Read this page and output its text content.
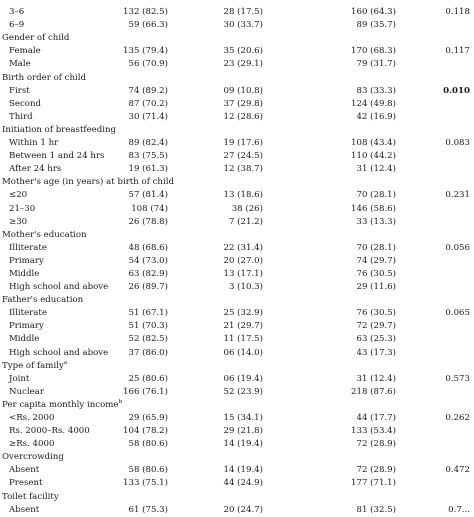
3–6	132 (82.5)	28 (17.5)	160 (64.3)	0.118
6–9	59 (66.3)	30 (33.7)	89 (35.7)
Gender of child
Female	135 (79.4)	35 (20.6)	170 (68.3)	0.117
Male	56 (70.9)	23 (29.1)	79 (31.7)
Birth order of child
First	74 (89.2)	09 (10.8)	83 (33.3)	0.010
Second	87 (70.2)	37 (29.8)	124 (49.8)
Third	30 (71.4)	12 (28.6)	42 (16.9)
Initiation of breastfeeding
Within 1 hr	89 (82.4)	19 (17.6)	108 (43.4)	0.083
Between 1 and 24 hrs	83 (75.5)	27 (24.5)	110 (44.2)
After 24 hrs	19 (61.3)	12 (38.7)	31 (12.4)
Mother's age (in years) at birth of child
≤20	57 (81.4)	13 (18.6)	70 (28.1)	0.231
21–30	108 (74)	38 (26)	146 (58.6)
≥30	26 (78.8)	7 (21.2)	33 (13.3)
Mother's education
Illiterate	48 (68.6)	22 (31.4)	70 (28.1)	0.056
Primary	54 (73.0)	20 (27.0)	74 (29.7)
Middle	63 (82.9)	13 (17.1)	76 (30.5)
High school and above 26 (89.7)	3 (10.3)	29 (11.6)
Father's education
Illiterate	51 (67.1)	25 (32.9)	76 (30.5)	0.065
Primary	51 (70.3)	21 (29.7)	72 (29.7)
Middle	52 (82.5)	11 (17.5)	63 (25.3)
High school and above 37 (86.0)	06 (14.0)	43 (17.3)
Type of family$^a$
Joint	25 (80.6)	06 (19.4)	31 (12.4)	0.573
Nuclear	166 (76.1)	52 (23.9)	218 (87.6)
Per capita monthly income$^b$
<Rs. 2000	29 (65.9)	15 (34.1)	44 (17.7)	0.262
Rs. 2000–Rs. 4000	104 (78.2)	29 (21.8)	133 (53.4)
≥Rs. 4000	58 (80.6)	14 (19.4)	72 (28.9)
Overcrowding
Absent	58 (80.6)	14 (19.4)	72 (28.9)	0.472
Present	133 (75.1)	44 (24.9)	177 (71.1)
Toilet facility
Absent	61 (75.3)	20 (24.7)	81 (32.5)	0.7...
